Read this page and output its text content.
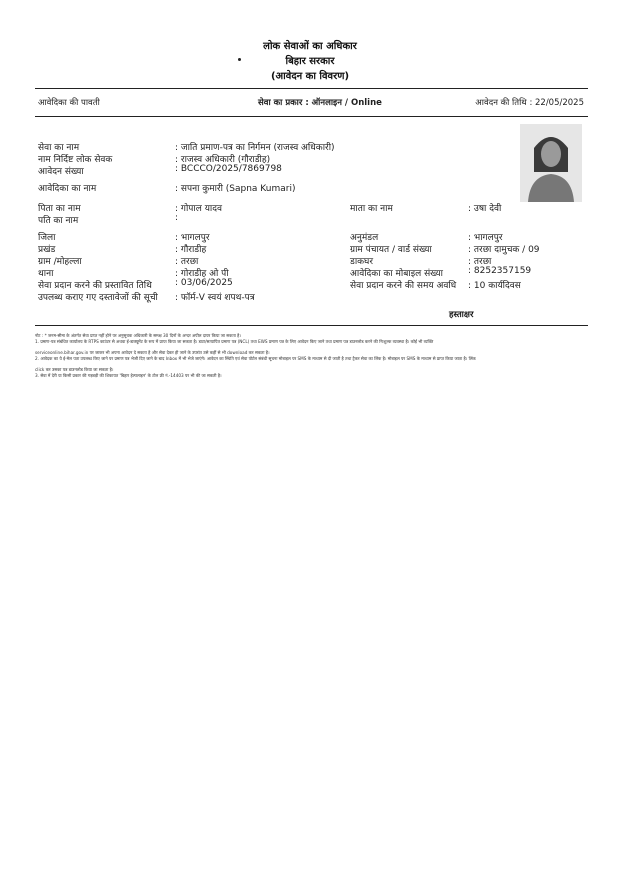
लोक सेवाओं का अधिकार
बिहार सरकार
(आवेदन का विवरण)
आवेदिका की पावती	सेवा का प्रकार : ऑनलाइन / Online	आवेदन की तिथि : 22/05/2025
सेवा का नाम	: जाति प्रमाण-पत्र का निर्गमन (राजस्व अधिकारी)
नाम निर्दिष्ट लोक सेवक	: राजस्व अधिकारी (गौराडीह)
आवेदन संख्या	: BCCCO/2025/7869798
आवेदिका का नाम	: सपना कुमारी (Sapna Kumari)
पिता का नाम	: गोपाल यादव	माता का नाम	: उषा देवी
पति का नाम	:
जिला	: भागलपुर	अनुमंडल	: भागलपुर
प्रखंड	: गौराडीह	ग्राम पंचायत / वार्ड संख्या	: तरछा दामुचक / 09
ग्राम /मोहल्ला	: तरछा	डाकघर	: तरछा
थाना	: गोराडीह ओ पी	आवेदिका का मोबाइल संख्या	: 8252357159
सेवा प्रदान करने की प्रस्तावित तिथि	: 03/06/2025	सेवा प्रदान करने की समय अवधि : 10 कार्यदिवस
उपलब्ध कराए गए दस्तावेजों की सूची : फॉर्म-V स्वयं शपथ-पत्र
हस्ताक्षर
नोट : * जनम-सीमा के अंतर्गत सेवा प्राप्त नहीं होने पर अनुसूचक अधिकारी के समक्ष 30 दिनों के अन्दर अपील दायर किया जा सकता है।
1. प्रमाण-पत्र संबंधित कार्यालय के RTPS काउंटर से अथवा ई-डाक्यूमेंट के रूप में प्राप्त किया जा सकता है। डाटा/सत्यापित प्रमाण पत्र (NCL) तथा EWS प्रमाण पत्र के लिए आवेदन किए जाने तथा प्रमाण पत्र डाउनलोड करने की निःशुल्क व्यवस्था है। कोई भी व्यक्ति
serviceonline.bihar.gov.in पर जाकर भी अपना आवेदन दे सकता है और सेवा देकर ही जाने के उपरांत उसे कहीं से भी download कर सकता है।
2. आवेदक का ये ई-मेल पता उपलब्ध किए जाने पर प्रमाण पत्र भेजी दिए जाने के बाद Inbox में भी भेजे जाएंगे। आवेदन का स्थिति एवं सेवा पोर्टल संबंधी सूचना मोबाइल पर SMS के माध्यम से दी जाती है तथा ट्रैकर सेवा का लिंक है। मोबाइल पर SMS के माध्यम से प्राप्त किया जाता है। लिंक
click कर उसका पत्र डाउनलोड किया जा सकता है।
3. सेवा में देरी या किसी प्रकार की गड़बड़ी की शिकायत 'बिहार हेल्पलाइन' के टोल फ्री नं.-14403 पर भी की जा सकती है।
